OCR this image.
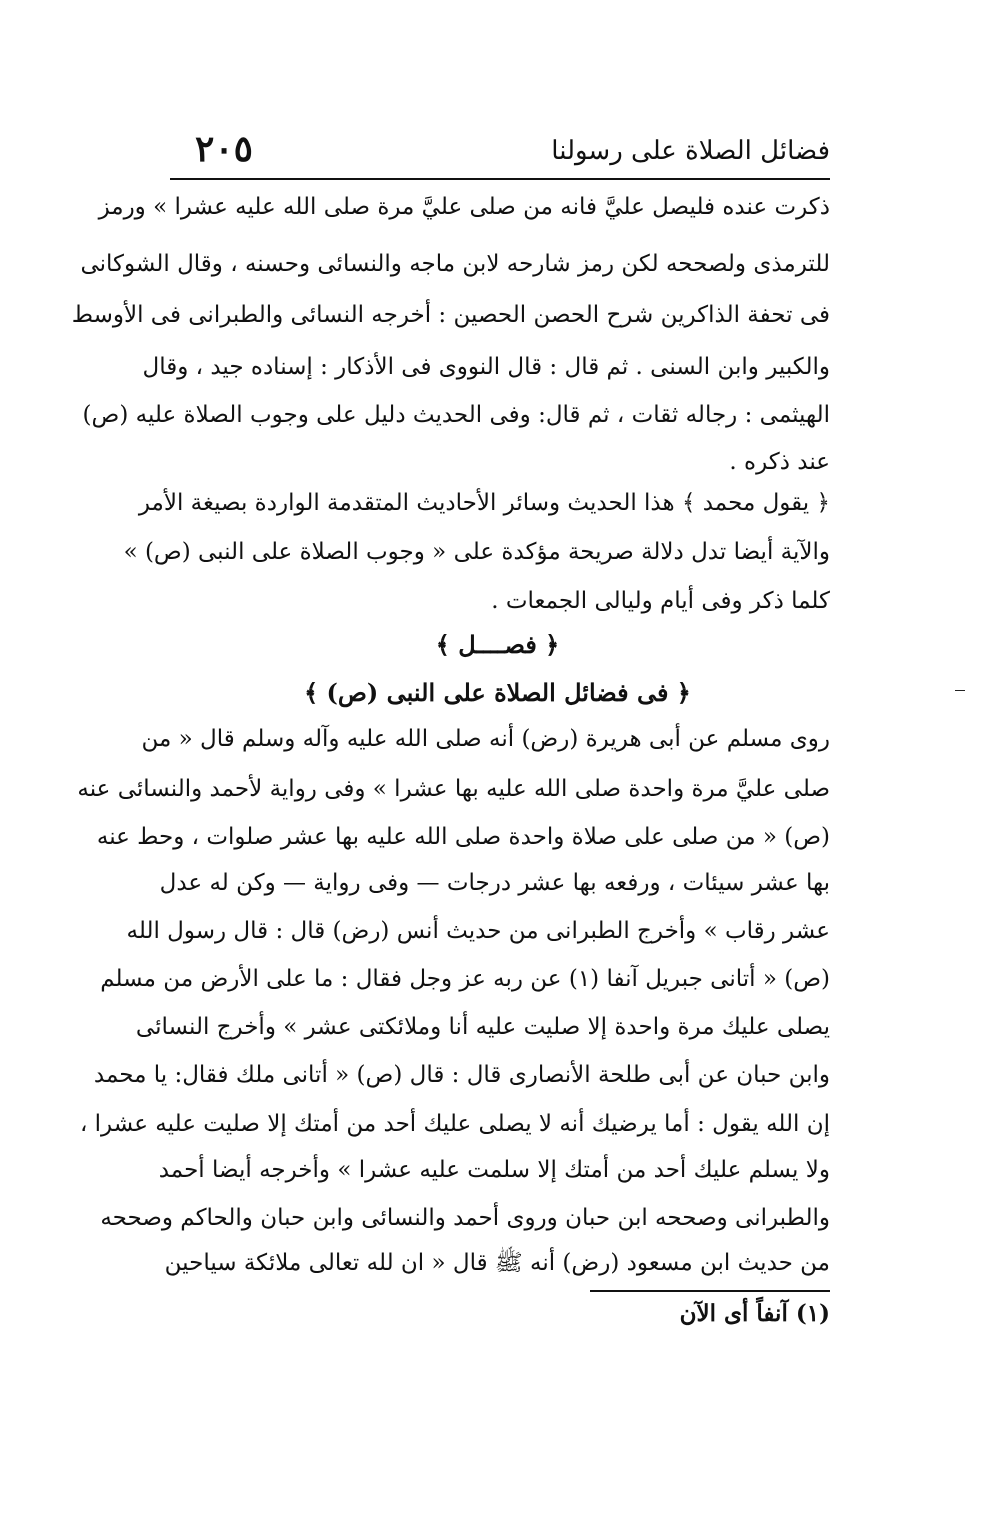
فضائل الصلاة على رسولنا
٢٠٥
ذكرت عنده فليصل عليَّ فانه من صلى عليَّ مرة صلى الله عليه عشرا » ورمز
للترمذى ولصححه لكن رمز شارحه لابن ماجه والنسائى وحسنه ، وقال الشوكانى
فى تحفة الذاكرين شرح الحصن الحصين : أخرجه النسائى والطبرانى فى الأوسط
والكبير وابن السنى . ثم قال : قال النووى فى الأذكار : إسناده جيد ، وقال
الهيثمى : رجاله ثقات ، ثم قال: وفى الحديث دليل على وجوب الصلاة عليه (ص)
عند ذكره .
﴿ يقول محمد ﴾ هذا الحديث وسائر الأحاديث المتقدمة الواردة بصيغة الأمر
والآية أيضا تدل دلالة صريحة مؤكدة على « وجوب الصلاة على النبى (ص) »
كلما ذكر وفى أيام وليالى الجمعات .
﴿ فصــــل ﴾
﴿ فى فضائل الصلاة على النبى (ص) ﴾
روى مسلم عن أبى هريرة (رض) أنه صلى الله عليه وآله وسلم قال « من
صلى عليَّ مرة واحدة صلى الله عليه بها عشرا » وفى رواية لأحمد والنسائى عنه
(ص) « من صلى على صلاة واحدة صلى الله عليه بها عشر صلوات ، وحط عنه
بها عشر سيئات ، ورفعه بها عشر درجات — وفى رواية — وكن له عدل
عشر رقاب » وأخرج الطبرانى من حديث أنس (رض) قال : قال رسول الله
(ص) « أتانى جبريل آنفا (١) عن ربه عز وجل فقال : ما على الأرض من مسلم
يصلى عليك مرة واحدة إلا صليت عليه أنا وملائكتى عشر » وأخرج النسائى
وابن حبان عن أبى طلحة الأنصارى قال : قال (ص) « أتانى ملك فقال: يا محمد
إن الله يقول : أما يرضيك أنه لا يصلى عليك أحد من أمتك إلا صليت عليه عشرا ،
ولا يسلم عليك أحد من أمتك إلا سلمت عليه عشرا » وأخرجه أيضا أحمد
والطبرانى وصححه ابن حبان وروى أحمد والنسائى وابن حبان والحاكم وصححه
من حديث ابن مسعود (رض) أنه ﷺ قال « ان لله تعالى ملائكة سياحين
(١) آنفاً أى الآن
